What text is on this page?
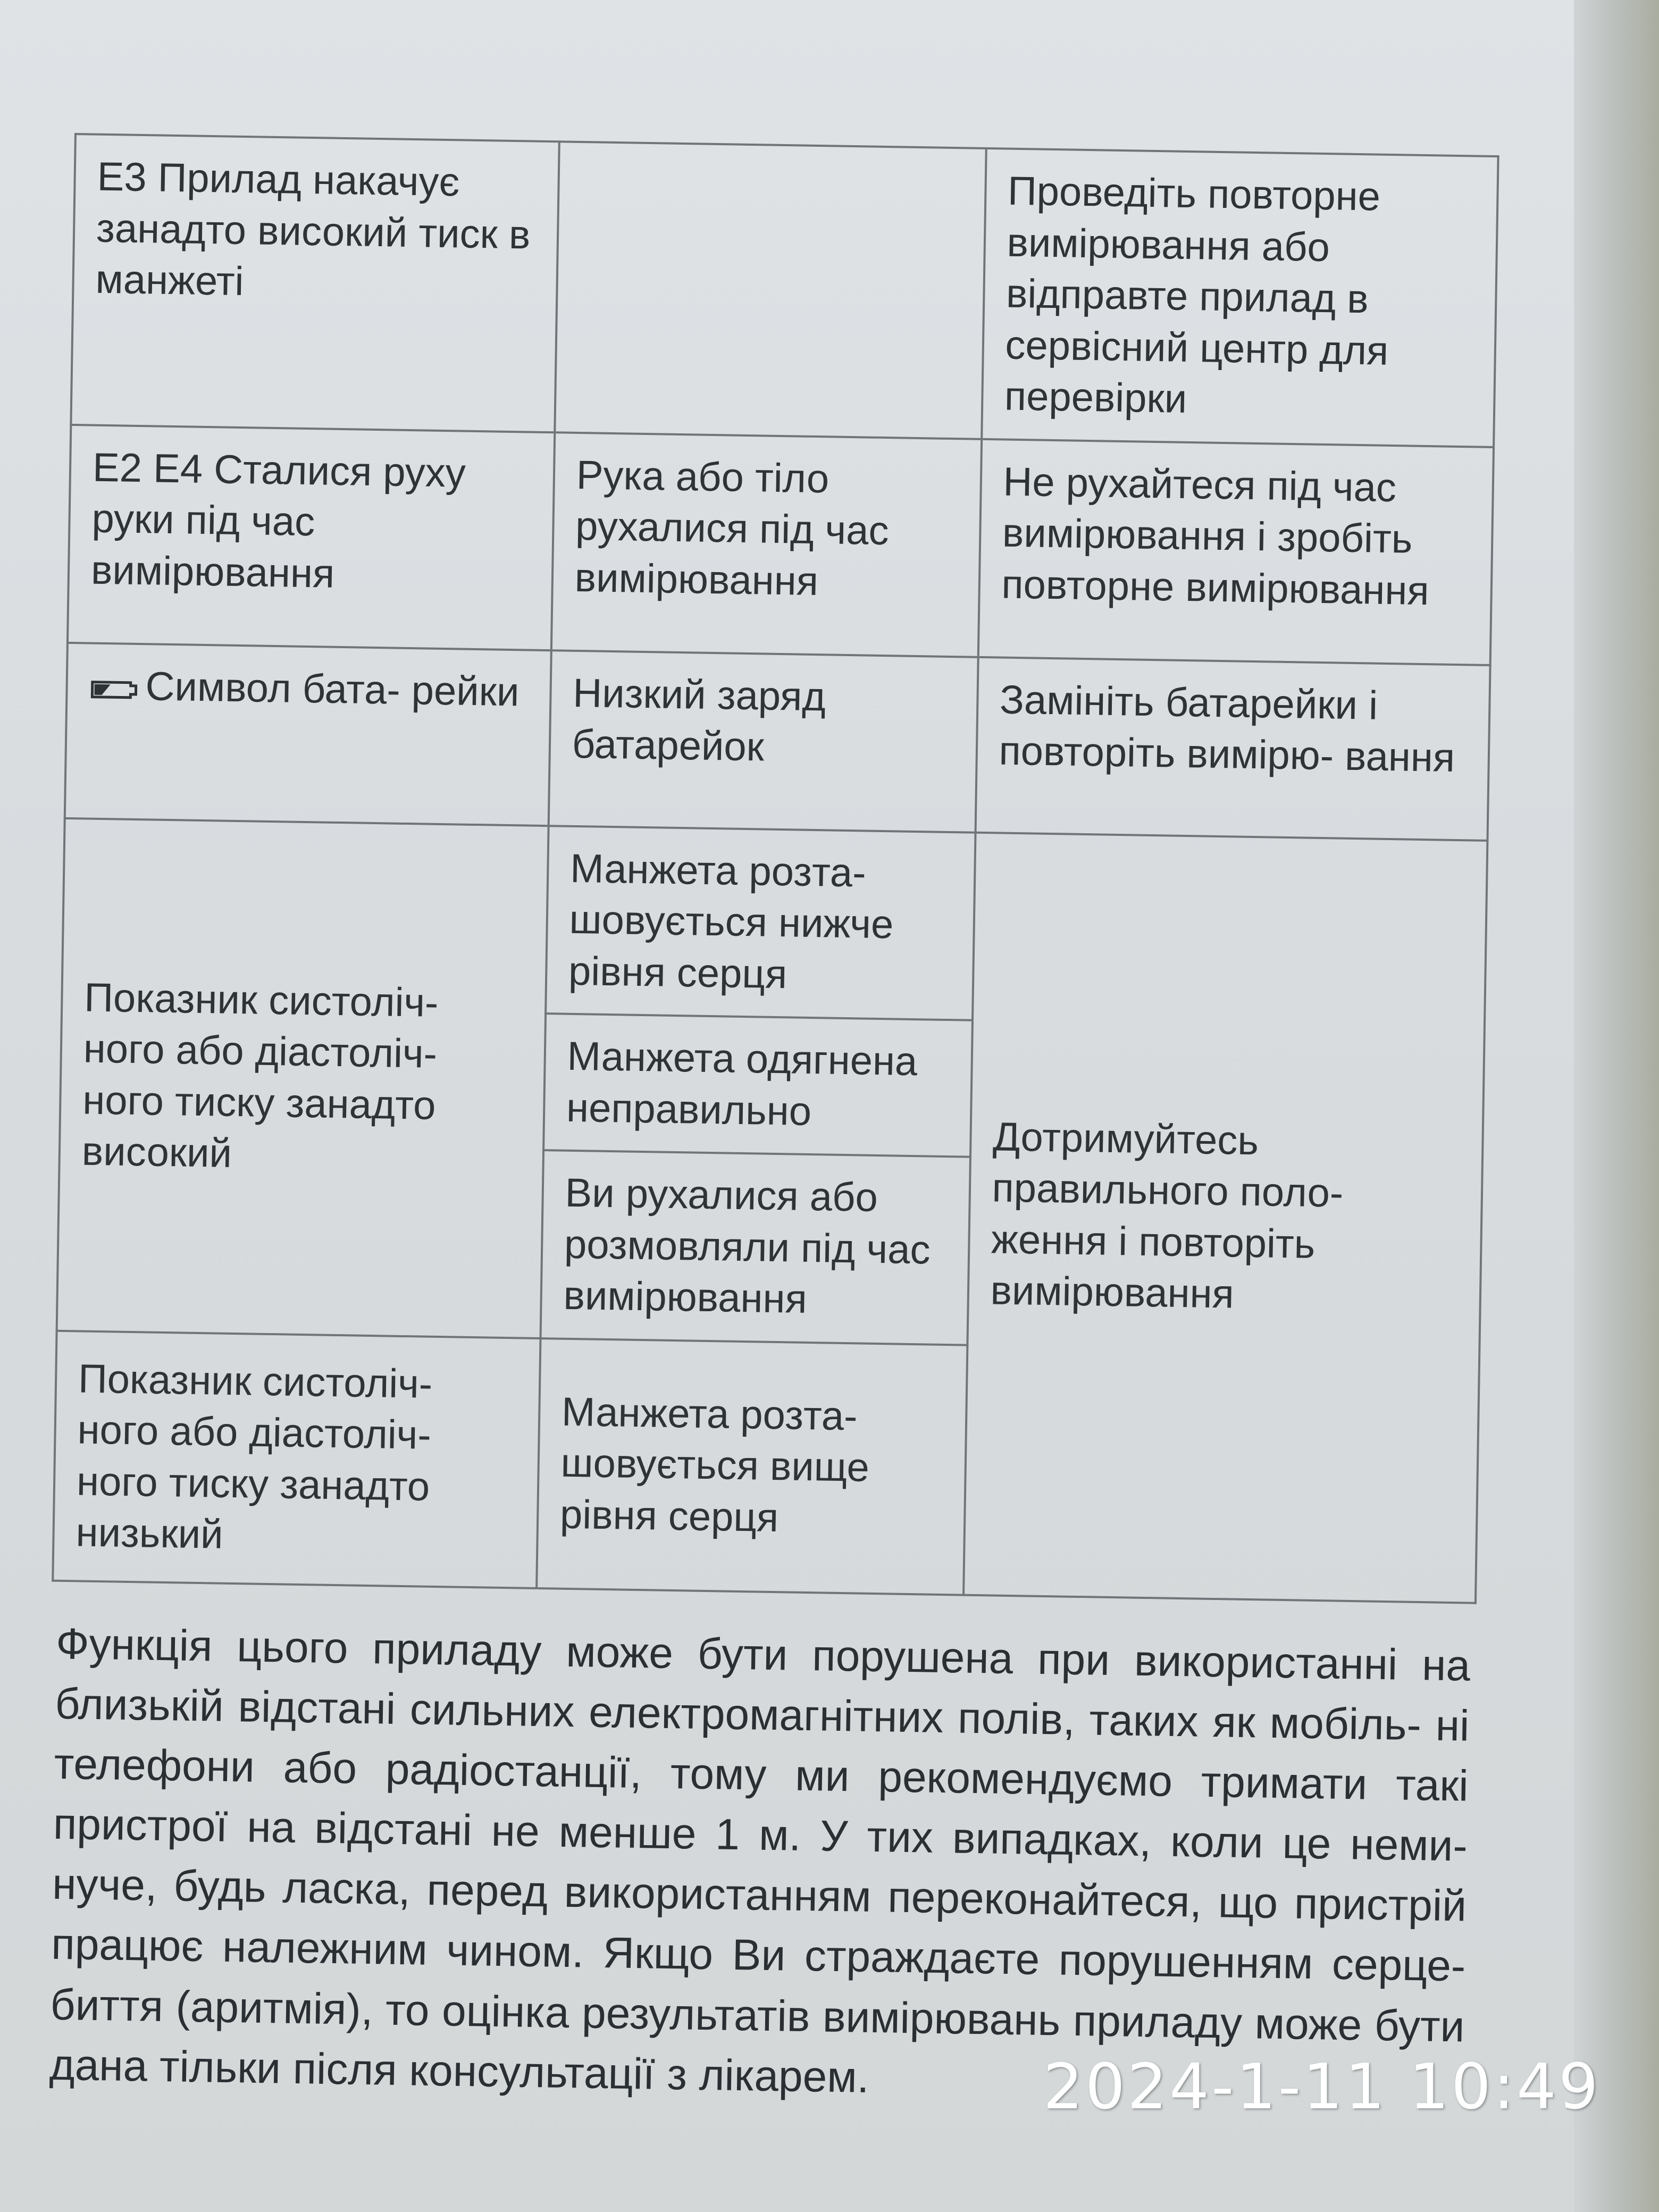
E3 Прилад накачує занадто високий тиск в манжеті		Проведіть повторне вимірювання або відправте прилад в сервісний центр для перевірки
E2 E4 Сталися руху руки під час вимірювання	Рука або тіло рухалися під час вимірювання	Не рухайтеся під час вимірювання і зробіть повторне вимірювання
Символ бата- рейки	Низкий заряд батарейок	Замініть батарейки і повторіть вимірю- вання
Показник систоліч- ного або діастоліч- ного тиску занадто високий	Манжета розта- шовується нижче рівня серця	Дотримуйтесь правильного поло- ження і повторіть вимірювання
	Манжета одягнена неправильно	
	Ви рухалися або розмовляли під час вимірювання	
Показник систоліч- ного або діастоліч- ного тиску занадто низький	Манжета розта- шовується вище рівня серця	

Функція цього приладу може бути порушена при використанні на близькій відстані сильних електромагнітних полів, таких як мобіль- ні телефони або радіостанції, тому ми рекомендуємо тримати такі пристрої на відстані не менше 1 м. У тих випадках, коли це неми- нуче, будь ласка, перед використанням переконайтеся, що пристрій працює належним чином. Якщо Ви страждаєте порушенням серце- биття (аритмія), то оцінка результатів вимірювань приладу може бути дана тільки після консультації з лікарем.	2024-1-11 10:49
